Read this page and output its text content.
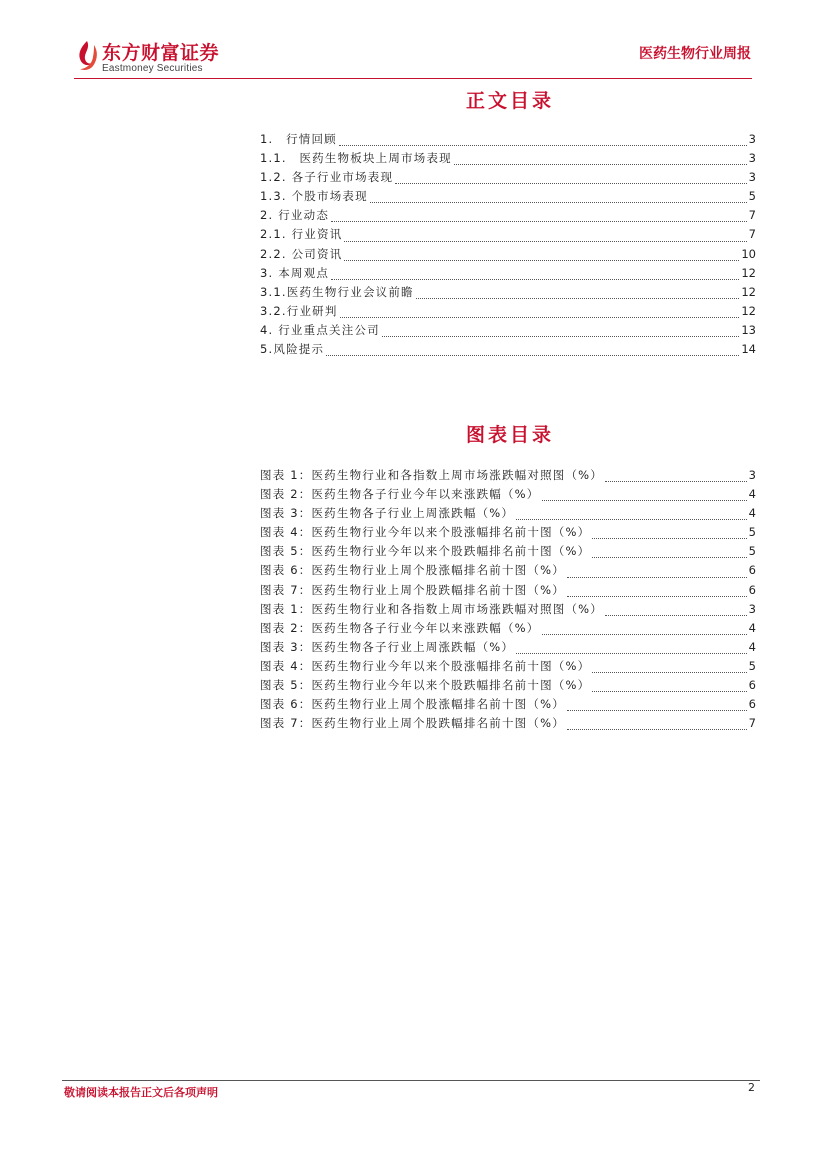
东方财富证券
Eastmoney Securities
医药生物行业周报
正文目录
1.　行情回顾	3
1.1.　医药生物板块上周市场表现	3
1.2. 各子行业市场表现	3
1.3. 个股市场表现	5
2. 行业动态	7
2.1. 行业资讯	7
2.2. 公司资讯	10
3. 本周观点	12
3.1.医药生物行业会议前瞻	12
3.2.行业研判	12
4. 行业重点关注公司	13
5.风险提示	14
图表目录
图表 1：医药生物行业和各指数上周市场涨跌幅对照图（%）	3
图表 2：医药生物各子行业今年以来涨跌幅（%）	4
图表 3：医药生物各子行业上周涨跌幅（%）	4
图表 4：医药生物行业今年以来个股涨幅排名前十图（%）	5
图表 5：医药生物行业今年以来个股跌幅排名前十图（%）	5
图表 6：医药生物行业上周个股涨幅排名前十图（%）	6
图表 7：医药生物行业上周个股跌幅排名前十图（%）	6
图表 1：医药生物行业和各指数上周市场涨跌幅对照图（%）	3
图表 2：医药生物各子行业今年以来涨跌幅（%）	4
图表 3：医药生物各子行业上周涨跌幅（%）	4
图表 4：医药生物行业今年以来个股涨幅排名前十图（%）	5
图表 5：医药生物行业今年以来个股跌幅排名前十图（%）	6
图表 6：医药生物行业上周个股涨幅排名前十图（%）	6
图表 7：医药生物行业上周个股跌幅排名前十图（%）	7
敬请阅读本报告正文后各项声明	2
